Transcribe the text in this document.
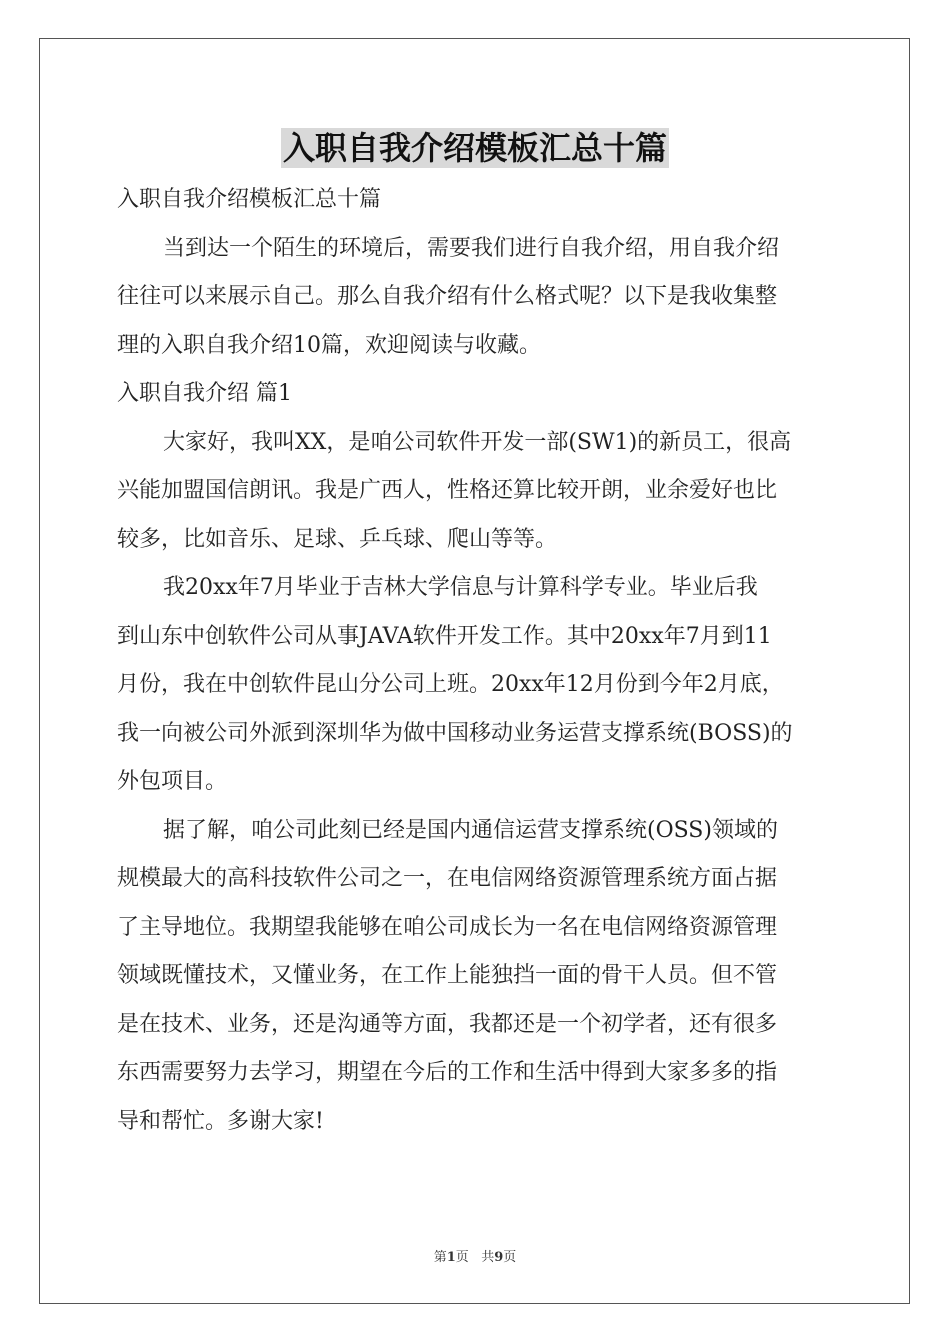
入职自我介绍模板汇总十篇
入职自我介绍模板汇总十篇
当到达一个陌生的环境后，需要我们进行自我介绍，用自我介绍
往往可以来展示自己。那么自我介绍有什么格式呢？以下是我收集整
理的入职自我介绍10篇，欢迎阅读与收藏。
入职自我介绍 篇1
大家好，我叫XX，是咱公司软件开发一部(SW1)的新员工，很高
兴能加盟国信朗讯。我是广西人，性格还算比较开朗，业余爱好也比
较多，比如音乐、足球、乒乓球、爬山等等。
我20xx年7月毕业于吉林大学信息与计算科学专业。毕业后我
到山东中创软件公司从事JAVA软件开发工作。其中20xx年7月到11
月份，我在中创软件昆山分公司上班。20xx年12月份到今年2月底，
我一向被公司外派到深圳华为做中国移动业务运营支撑系统(BOSS)的
外包项目。
据了解，咱公司此刻已经是国内通信运营支撑系统(OSS)领域的
规模最大的高科技软件公司之一，在电信网络资源管理系统方面占据
了主导地位。我期望我能够在咱公司成长为一名在电信网络资源管理
领域既懂技术，又懂业务，在工作上能独挡一面的骨干人员。但不管
是在技术、业务，还是沟通等方面，我都还是一个初学者，还有很多
东西需要努力去学习，期望在今后的工作和生活中得到大家多多的指
导和帮忙。多谢大家!
第1页 共9页
